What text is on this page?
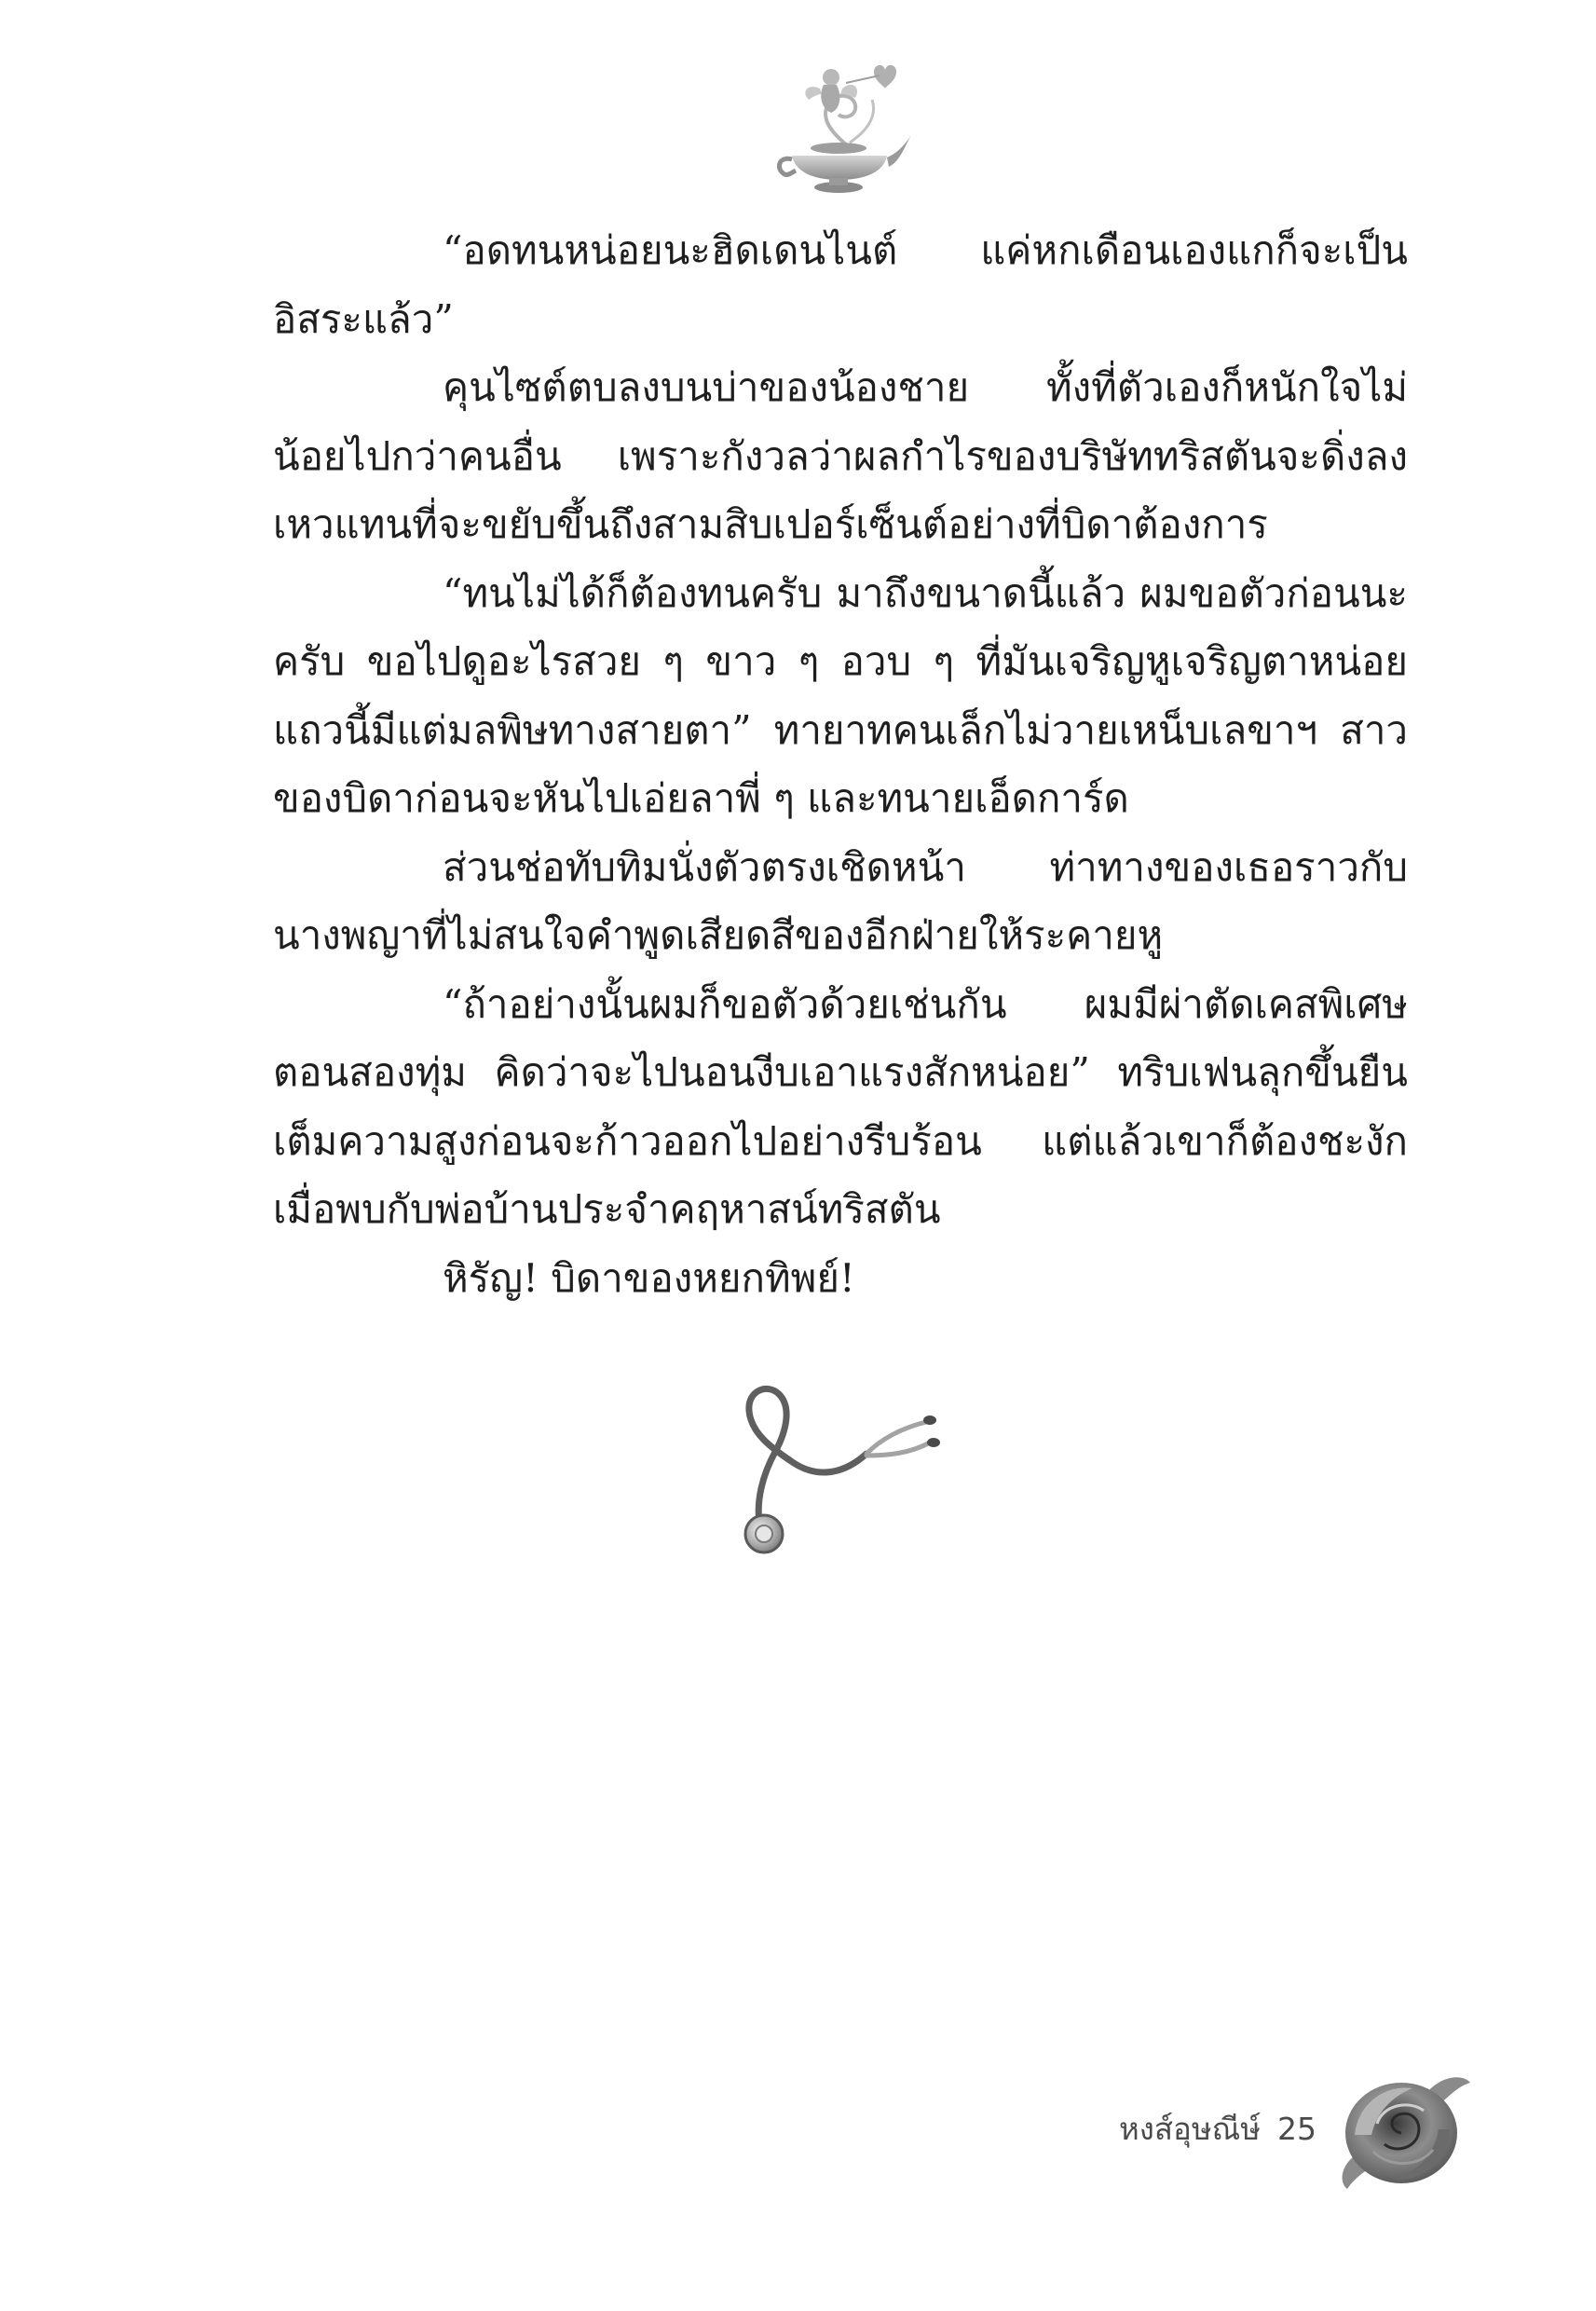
“อดทนหน่อยนะฮิดเดนไนต์ แค่หกเดือนเองแกก็จะเป็นอิสระแล้ว”

คุนไซต์ตบลงบนบ่าของน้องชาย ทั้งที่ตัวเองก็หนักใจไม่น้อยไปกว่าคนอื่น เพราะกังวลว่าผลกำไรของบริษัททริสตันจะดิ่งลงเหวแทนที่จะขยับขึ้นถึงสามสิบเปอร์เซ็นต์อย่างที่บิดาต้องการ

“ทนไม่ได้ก็ต้องทนครับ มาถึงขนาดนี้แล้ว ผมขอตัวก่อนนะครับ ขอไปดูอะไรสวย ๆ ขาว ๆ อวบ ๆ ที่มันเจริญหูเจริญตาหน่อย แถวนี้มีแต่มลพิษทางสายตา” ทายาทคนเล็กไม่วายเหน็บเลขาฯ สาวของบิดาก่อนจะหันไปเอ่ยลาพี่ ๆ และทนายเอ็ดการ์ด

ส่วนช่อทับทิมนั่งตัวตรงเชิดหน้า ท่าทางของเธอราวกับนางพญาที่ไม่สนใจคำพูดเสียดสีของอีกฝ่ายให้ระคายหู

“ถ้าอย่างนั้นผมก็ขอตัวด้วยเช่นกัน ผมมีผ่าตัดเคสพิเศษตอนสองทุ่ม คิดว่าจะไปนอนงีบเอาแรงสักหน่อย” ทริบเฟนลุกขึ้นยืนเต็มความสูงก่อนจะก้าวออกไปอย่างรีบร้อน แต่แล้วเขาก็ต้องชะงักเมื่อพบกับพ่อบ้านประจำคฤหาสน์ทริสตัน

หิรัญ! บิดาของหยกทิพย์!

หงส์อุษณีษ์ 25
